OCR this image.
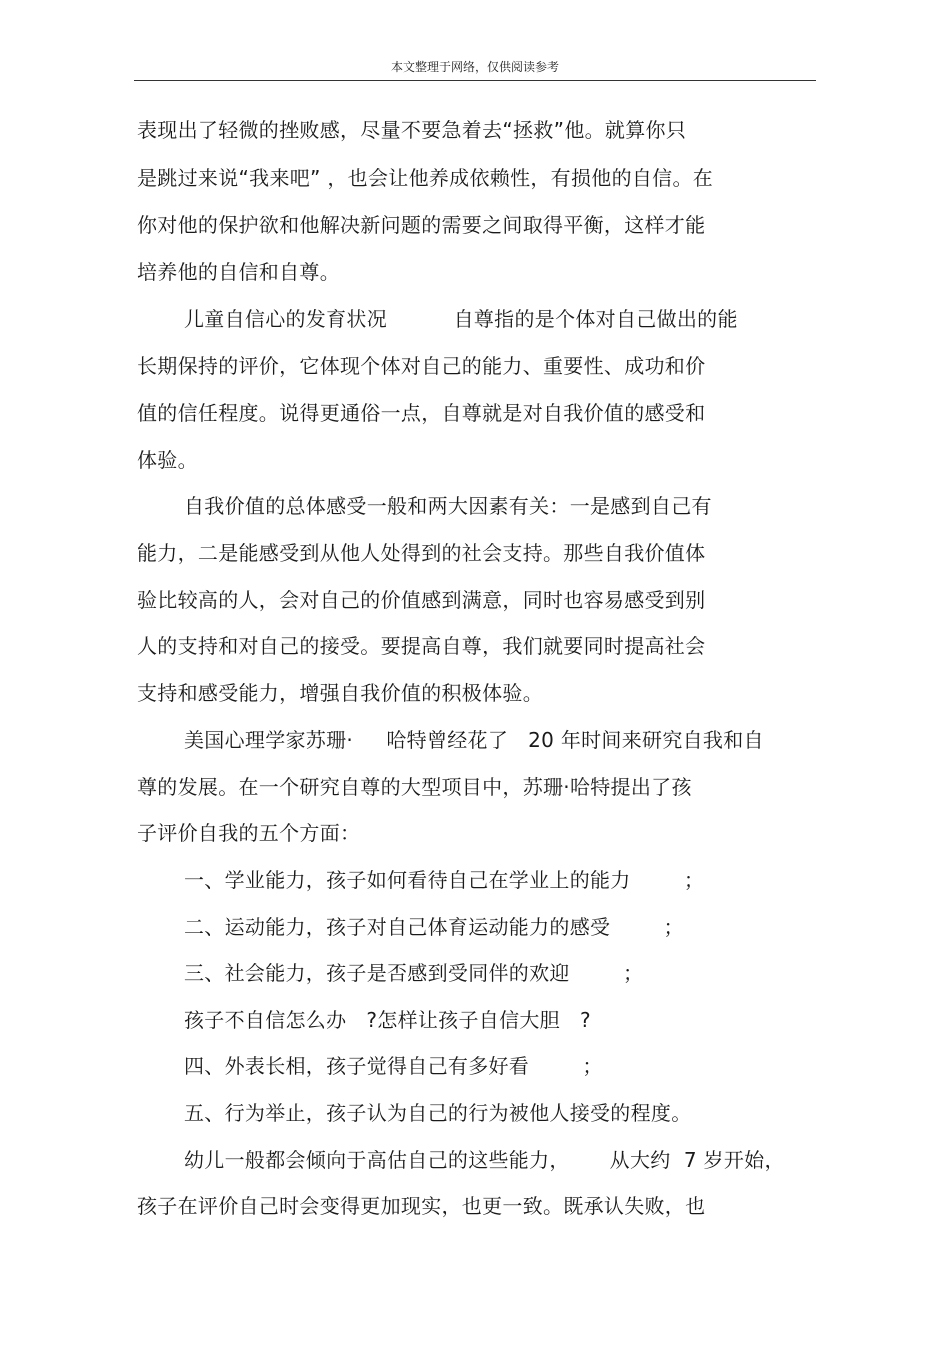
本文整理于网络，仅供阅读参考
表现出了轻微的挫败感，尽量不要急着去“拯救”他。就算你只
是跳过来说“我来吧” ，也会让他养成依赖性，有损他的自信。在
你对他的保护欲和他解决新问题的需要之间取得平衡，这样才能
培养他的自信和自尊。
儿童自信心的发育状况          自尊指的是个体对自己做出的能
长期保持的评价，它体现个体对自己的能力、重要性、成功和价
值的信任程度。说得更通俗一点，自尊就是对自我价值的感受和
体验。
自我价值的总体感受一般和两大因素有关：一是感到自己有
能力，二是能感受到从他人处得到的社会支持。那些自我价值体
验比较高的人，会对自己的价值感到满意，同时也容易感受到别
人的支持和对自己的接受。要提高自尊，我们就要同时提高社会
支持和感受能力，增强自我价值的积极体验。
美国心理学家苏珊·     哈特曾经花了   20 年时间来研究自我和自
尊的发展。在一个研究自尊的大型项目中，苏珊·哈特提出了孩
子评价自我的五个方面：
一、学业能力，孩子如何看待自己在学业上的能力        ；
二、运动能力，孩子对自己体育运动能力的感受        ；
三、社会能力，孩子是否感到受同伴的欢迎        ；
孩子不自信怎么办   ?怎样让孩子自信大胆   ?
四、外表长相，孩子觉得自己有多好看        ；
五、行为举止，孩子认为自己的行为被他人接受的程度。
幼儿一般都会倾向于高估自己的这些能力，      从大约  7 岁开始，
孩子在评价自己时会变得更加现实，也更一致。既承认失败，也
